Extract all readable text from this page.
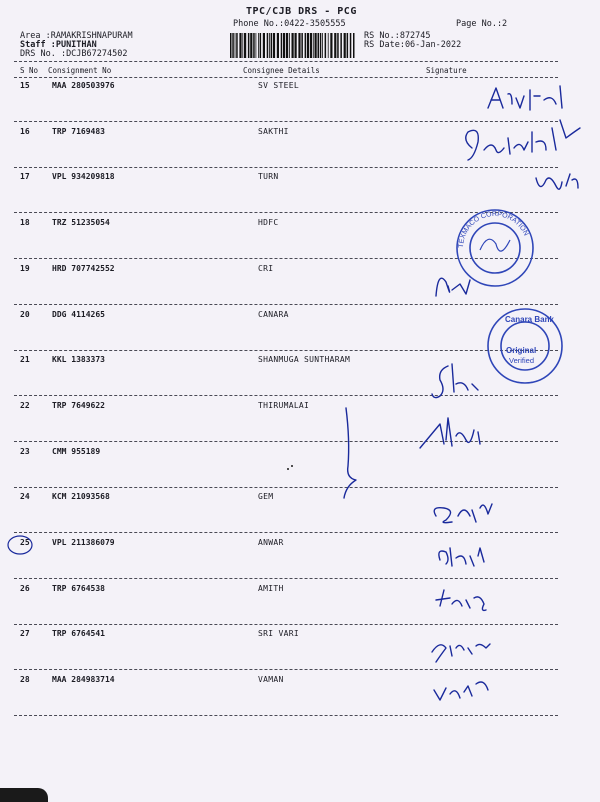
TPC/CJB DRS - PCG
Phone No.:0422-3505555	Page No.:2
Area :RAMAKRISHNAPURAM
Staff :PUNITHAN
DRS No. :DCJB67274502
RS No.:872745
RS Date:06-Jan-2022
S No Consignment No	Consignee Details	Signature
15	MAA 280503976	SV STEEL
16	TRP 7169483	SAKTHI
17	VPL 934209818	TURN
18	TRZ 51235054	HDFC
19	HRD 707742552	CRI
20	DDG 4114265	CANARA
21	KKL 1383373	SHANMUGA SUNTHARAM
22	TRP 7649622	THIRUMALAI
23	CMM 955189
24	KCM 21093568	GEM
25	VPL 211386079	ANWAR
26	TRP 6764538	AMITH
27	TRP 6764541	SRI VARI
28	MAA 284983714	VAMAN
TEXMACO CORPORATION
Canara Bank
Original
Verified
